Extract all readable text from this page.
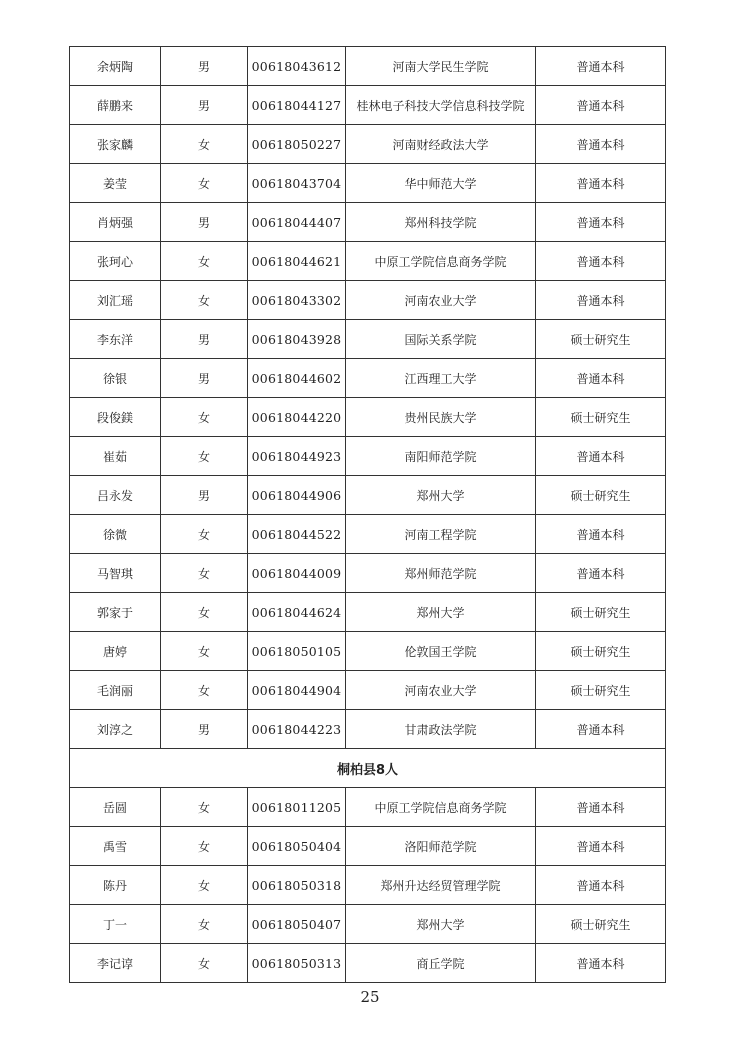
余炳陶	男	00618043612	河南大学民生学院	普通本科
薛鹏来	男	00618044127	桂林电子科技大学信息科技学院	普通本科
张家麟	女	00618050227	河南财经政法大学	普通本科
姜莹	女	00618043704	华中师范大学	普通本科
肖炳强	男	00618044407	郑州科技学院	普通本科
张珂心	女	00618044621	中原工学院信息商务学院	普通本科
刘汇瑶	女	00618043302	河南农业大学	普通本科
李东洋	男	00618043928	国际关系学院	硕士研究生
徐银	男	00618044602	江西理工大学	普通本科
段俊鎂	女	00618044220	贵州民族大学	硕士研究生
崔茹	女	00618044923	南阳师范学院	普通本科
吕永发	男	00618044906	郑州大学	硕士研究生
徐微	女	00618044522	河南工程学院	普通本科
马智琪	女	00618044009	郑州师范学院	普通本科
郭家于	女	00618044624	郑州大学	硕士研究生
唐婷	女	00618050105	伦敦国王学院	硕士研究生
毛润丽	女	00618044904	河南农业大学	硕士研究生
刘淳之	男	00618044223	甘肃政法学院	普通本科
桐柏县8人				
岳圆	女	00618011205	中原工学院信息商务学院	普通本科
禹雪	女	00618050404	洛阳师范学院	普通本科
陈丹	女	00618050318	郑州升达经贸管理学院	普通本科
丁一	女	00618050407	郑州大学	硕士研究生
李记谆	女	00618050313	商丘学院	普通本科
25
